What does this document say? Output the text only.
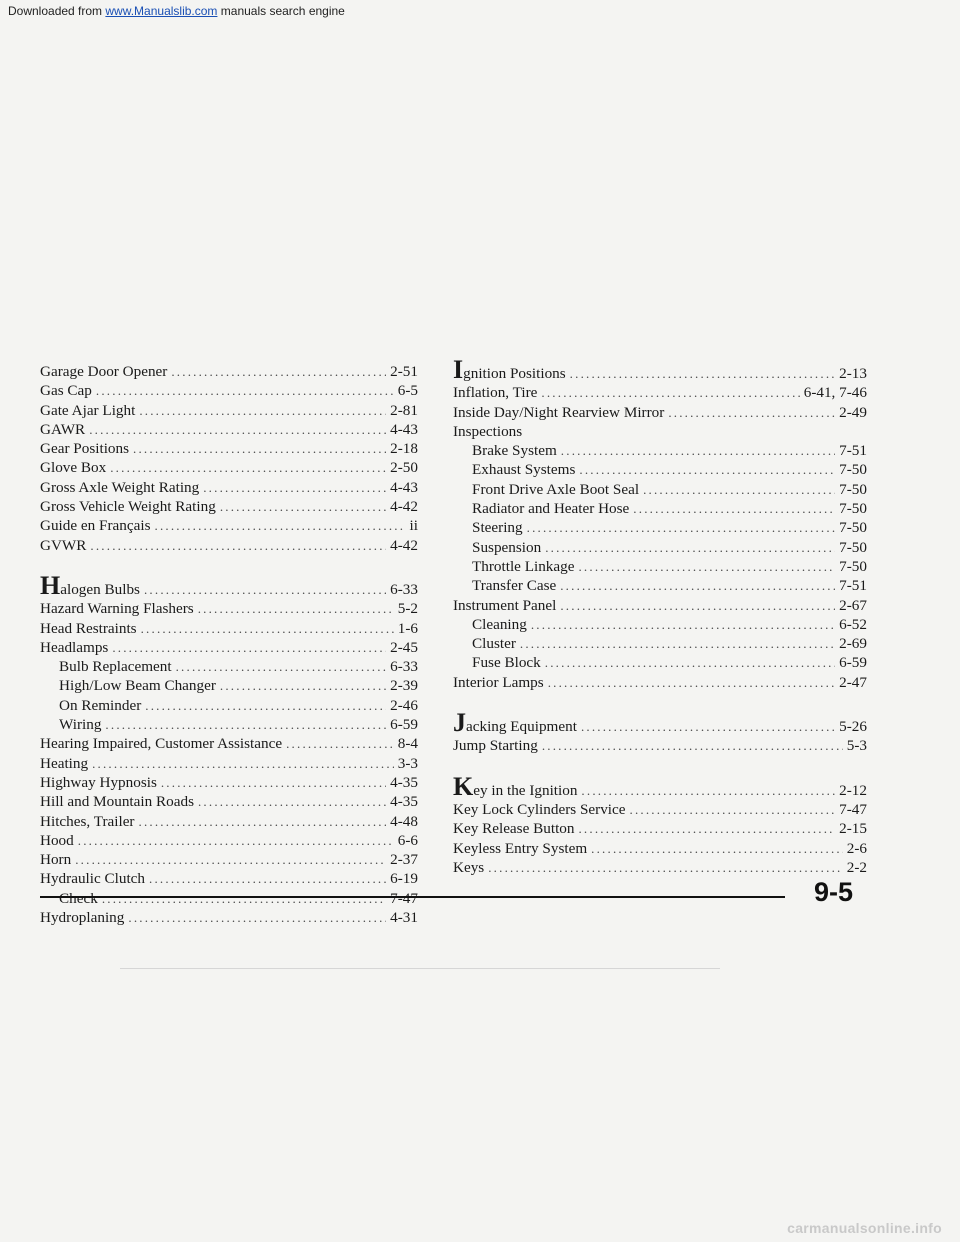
Downloaded from www.Manualslib.com manuals search engine
Garage Door Opener .....	2-51
Gas Cap .....	6-5
Gate Ajar Light .....	2-81
GAWR .....	4-43
Gear Positions .....	2-18
Glove Box .....	2-50
Gross Axle Weight Rating .....	4-43
Gross Vehicle Weight Rating .....	4-42
Guide en Français .....	ii
GVWR .....	4-42
Halogen Bulbs .....	6-33
Hazard Warning Flashers .....	5-2
Head Restraints .....	1-6
Headlamps .....	2-45
Bulb Replacement .....	6-33
High/Low Beam Changer .....	2-39
On Reminder .....	2-46
Wiring .....	6-59
Hearing Impaired, Customer Assistance .....	8-4
Heating .....	3-3
Highway Hypnosis .....	4-35
Hill and Mountain Roads .....	4-35
Hitches, Trailer .....	4-48
Hood .....	6-6
Horn .....	2-37
Hydraulic Clutch .....	6-19
Check .....	7-47
Hydroplaning .....	4-31
Ignition Positions .....	2-13
Inflation, Tire .....	6-41, 7-46
Inside Day/Night Rearview Mirror .....	2-49
Inspections
Brake System .....	7-51
Exhaust Systems .....	7-50
Front Drive Axle Boot Seal .....	7-50
Radiator and Heater Hose .....	7-50
Steering .....	7-50
Suspension .....	7-50
Throttle Linkage .....	7-50
Transfer Case .....	7-51
Instrument Panel .....	2-67
Cleaning .....	6-52
Cluster .....	2-69
Fuse Block .....	6-59
Interior Lamps .....	2-47
Jacking Equipment .....	5-26
Jump Starting .....	5-3
Key in the Ignition .....	2-12
Key Lock Cylinders Service .....	7-47
Key Release Button .....	2-15
Keyless Entry System .....	2-6
Keys .....	2-2
9-5
carmanualsonline.info
